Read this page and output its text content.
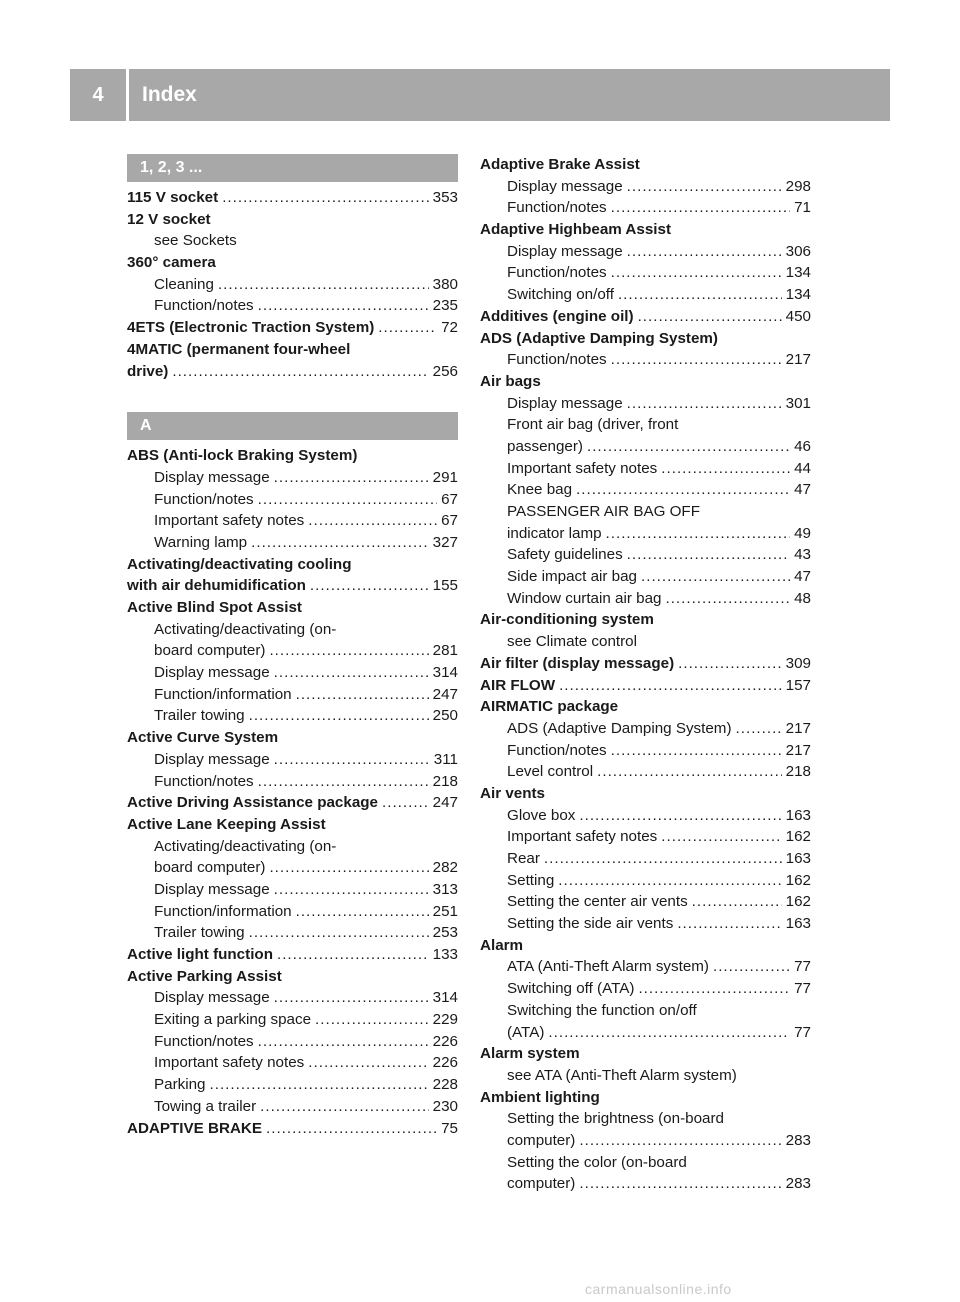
4	Index
1, 2, 3 ...
115 V socket .....	353
12 V socket
see Sockets
360° camera
Cleaning .....	380
Function/notes .....	235
4ETS (Electronic Traction System) .....	72
4MATIC (permanent four-wheel
drive) .....	256
A
ABS (Anti-lock Braking System)
Display message .....	291
Function/notes .....	67
Important safety notes .....	67
Warning lamp .....	327
Activating/deactivating cooling
with air dehumidification .....	155
Active Blind Spot Assist
Activating/deactivating (on-
board computer) .....	281
Display message .....	314
Function/information .....	247
Trailer towing .....	250
Active Curve System
Display message .....	311
Function/notes .....	218
Active Driving Assistance package .....	247
Active Lane Keeping Assist
Activating/deactivating (on-
board computer) .....	282
Display message .....	313
Function/information .....	251
Trailer towing .....	253
Active light function .....	133
Active Parking Assist
Display message .....	314
Exiting a parking space .....	229
Function/notes .....	226
Important safety notes .....	226
Parking .....	228
Towing a trailer .....	230
ADAPTIVE BRAKE .....	75
Adaptive Brake Assist
Display message .....	298
Function/notes .....	71
Adaptive Highbeam Assist
Display message .....	306
Function/notes .....	134
Switching on/off .....	134
Additives (engine oil) .....	450
ADS (Adaptive Damping System)
Function/notes .....	217
Air bags
Display message .....	301
Front air bag (driver, front
passenger) .....	46
Important safety notes .....	44
Knee bag .....	47
PASSENGER AIR BAG OFF
indicator lamp .....	49
Safety guidelines .....	43
Side impact air bag .....	47
Window curtain air bag .....	48
Air-conditioning system
see Climate control
Air filter (display message) .....	309
AIR FLOW .....	157
AIRMATIC package
ADS (Adaptive Damping System) .....	217
Function/notes .....	217
Level control .....	218
Air vents
Glove box .....	163
Important safety notes .....	162
Rear .....	163
Setting .....	162
Setting the center air vents .....	162
Setting the side air vents .....	163
Alarm
ATA (Anti-Theft Alarm system) .....	77
Switching off (ATA) .....	77
Switching the function on/off
(ATA) .....	77
Alarm system
see ATA (Anti-Theft Alarm system)
Ambient lighting
Setting the brightness (on-board
computer) .....	283
Setting the color (on-board
computer) .....	283
carmanualsonline.info
